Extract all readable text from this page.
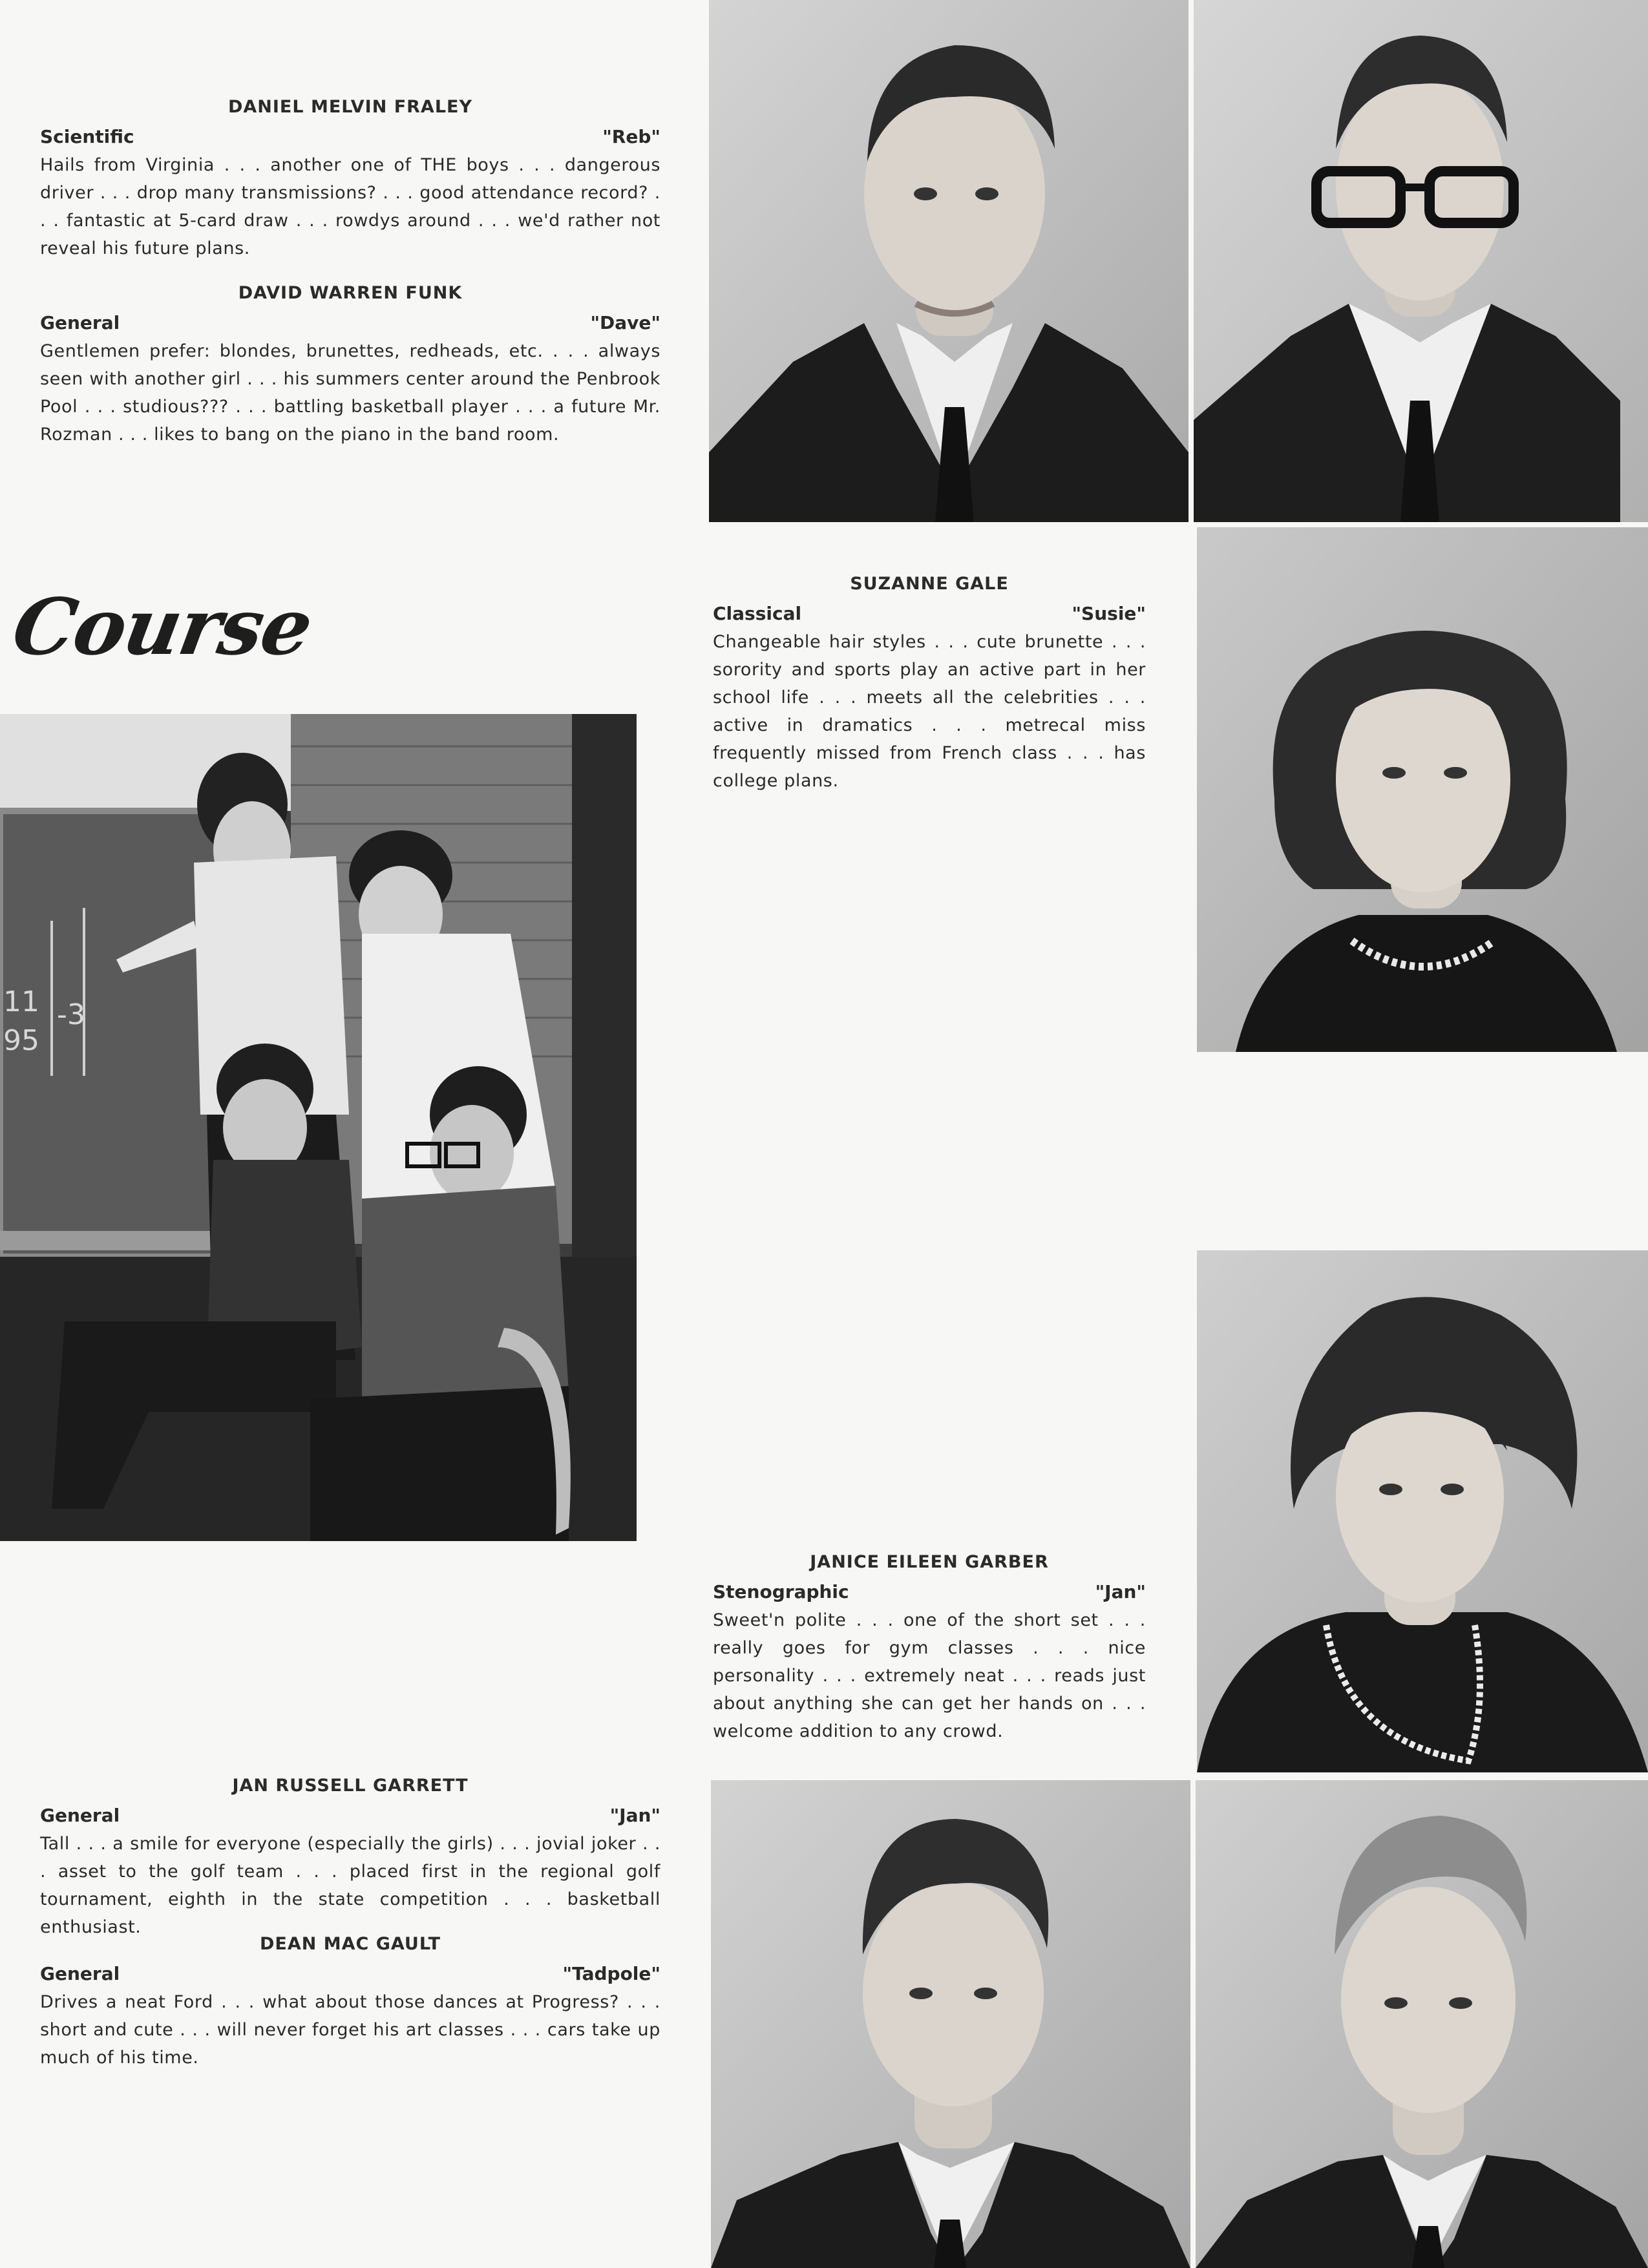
DANIEL MELVIN FRALEY
Scientific	"Reb"
Hails from Virginia . . . another one of THE boys . . . dangerous driver . . . drop many transmissions? . . . good attendance record? . . . fantastic at 5-card draw . . . rowdys around . . . we'd rather not reveal his future plans.
DAVID WARREN FUNK
General	"Dave"
Gentlemen prefer: blondes, brunettes, redheads, etc. . . . always seen with another girl . . . his summers center around the Penbrook Pool . . . studious??? . . . battling basketball player . . . a future Mr. Rozman . . . likes to bang on the piano in the band room.
SUZANNE GALE
Classical	"Susie"
Changeable hair styles . . . cute brunette . . . sorority and sports play an active part in her school life . . . meets all the celebrities . . . active in dramatics . . . metrecal miss frequently missed from French class . . . has college plans.
JANICE EILEEN GARBER
Stenographic	"Jan"
Sweet'n polite . . . one of the short set . . . really goes for gym classes . . . nice personality . . . extremely neat . . . reads just about anything she can get her hands on . . . welcome addition to any crowd.
JAN RUSSELL GARRETT
General	"Jan"
Tall . . . a smile for everyone (especially the girls) . . . jovial joker . . . asset to the golf team . . . placed first in the regional golf tournament, eighth in the state competition . . . basketball enthusiast.
DEAN MAC GAULT
General	"Tadpole"
Drives a neat Ford . . . what about those dances at Progress? . . . short and cute . . . will never forget his art classes . . . cars take up much of his time.
Course
11 -3
95
